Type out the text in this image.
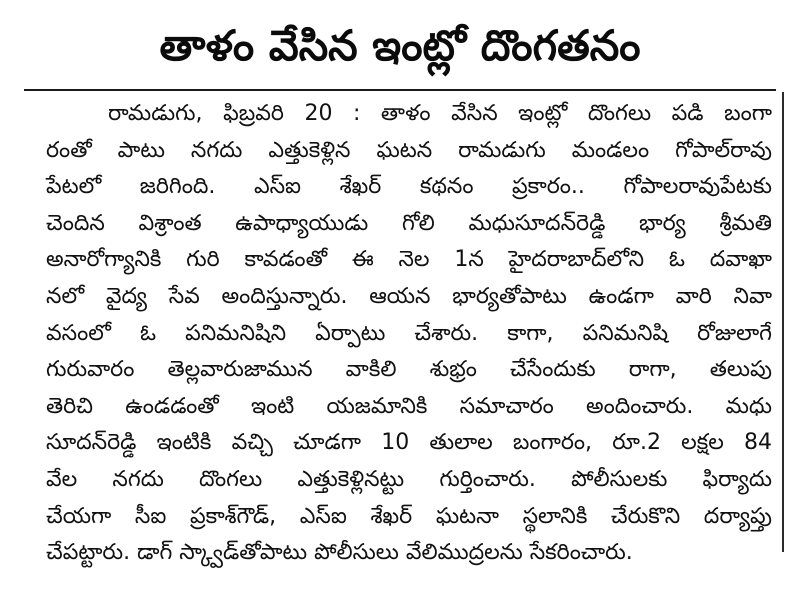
తాళం వేసిన ఇంట్లో దొంగతనం
రామడుగు, ఫిబ్రవరి 20 : తాళం వేసిన ఇంట్లో దొంగలు పడి బంగా
రంతో పాటు నగదు ఎత్తుకెళ్లిన ఘటన రామడుగు మండలం గోపాల్‌రావు
పేటలో జరిగింది. ఎస్ఐ శేఖర్ కథనం ప్రకారం.. గోపాలరావుపేటకు
చెందిన విశ్రాంత ఉపాధ్యాయుడు గోలి మధుసూదన్‌రెడ్డి భార్య శ్రీమతి
అనారోగ్యానికి గురి కావడంతో ఈ నెల 1న హైదరాబాద్‌లోని ఓ దవాఖా
నలో వైద్య సేవ అందిస్తున్నారు. ఆయన భార్యతోపాటు ఉండగా వారి నివా
వసంలో ఓ పనిమనిషిని ఏర్పాటు చేశారు. కాగా, పనిమనిషి రోజులాగే
గురువారం తెల్లవారుజామున వాకిలి శుభ్రం చేసేందుకు రాగా, తలుపు
తెరిచి ఉండడంతో ఇంటి యజమానికి సమాచారం అందించారు. మధు
సూదన్‌రెడ్డి ఇంటికి వచ్చి చూడగా 10 తులాల బంగారం, రూ.2 లక్షల 84
వేల నగదు దొంగలు ఎత్తుకెళ్లినట్టు గుర్తించారు. పోలీసులకు ఫిర్యాదు
చేయగా సీఐ ప్రకాశ్‌గౌడ్, ఎస్ఐ శేఖర్ ఘటనా స్థలానికి చేరుకొని దర్యాప్తు
చేపట్టారు. డాగ్ స్క్వాడ్‌తోపాటు పోలీసులు వేలిముద్రలను సేకరించారు.
